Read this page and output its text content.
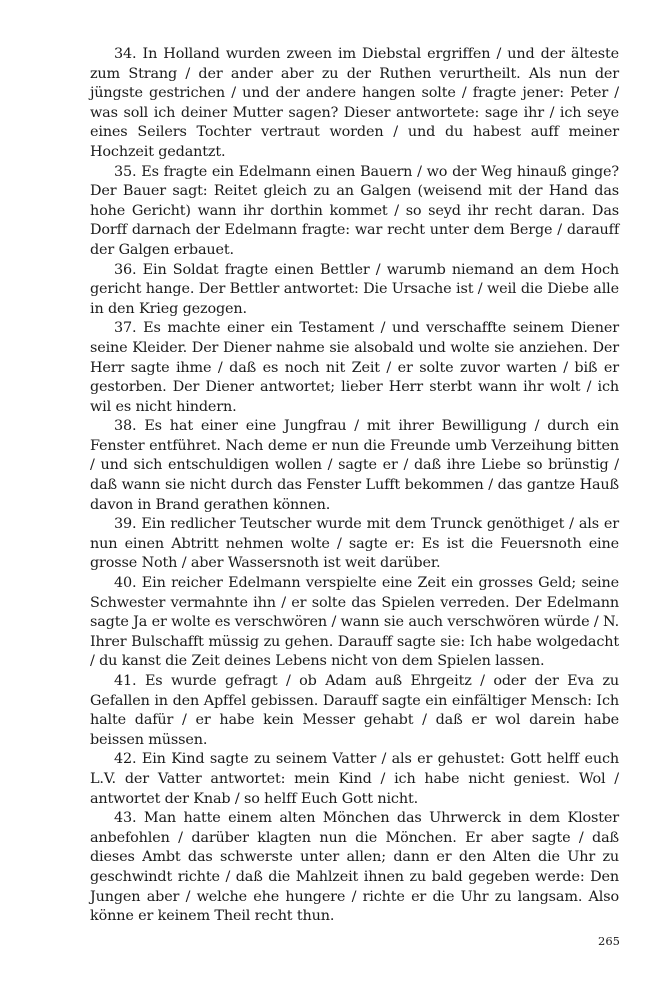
34. In Holland wurden zween im Diebstal ergriffen / und der älteste zum Strang / der ander aber zu der Ruthen verurtheilt. Als nun der jüngste gestrichen / und der andere hangen solte / fragte jener: Peter / was soll ich deiner Mutter sagen? Dieser antwortete: sage ihr / ich seye eines Seilers Tochter vertraut worden / und du habest auff meiner Hochzeit gedantzt.

35. Es fragte ein Edelmann einen Bauern / wo der Weg hinauß ginge? Der Bauer sagt: Reitet gleich zu an Galgen (weisend mit der Hand das hohe Gericht) wann ihr dorthin kommet / so seyd ihr recht daran. Das Dorff darnach der Edelmann fragte: war recht unter dem Berge / darauff der Galgen erbauet.

36. Ein Soldat fragte einen Bettler / warumb niemand an dem Hoch gericht hange. Der Bettler antwortet: Die Ursache ist / weil die Diebe alle in den Krieg gezogen.

37. Es machte einer ein Testament / und verschaffte seinem Diener seine Kleider. Der Diener nahme sie alsobald und wolte sie anziehen. Der Herr sagte ihme / daß es noch nit Zeit / er solte zuvor warten / biß er gestorben. Der Diener antwortet; lieber Herr sterbt wann ihr wolt / ich wil es nicht hindern.

38. Es hat einer eine Jungfrau / mit ihrer Bewilligung / durch ein Fenster entführet. Nach deme er nun die Freunde umb Verzeihung bitten / und sich entschuldigen wollen / sagte er / daß ihre Liebe so brünstig / daß wann sie nicht durch das Fenster Lufft bekommen / das gantze Hauß davon in Brand gerathen können.

39. Ein redlicher Teutscher wurde mit dem Trunck genöthiget / als er nun einen Abtritt nehmen wolte / sagte er: Es ist die Feuersnoth eine grosse Noth / aber Wassersnoth ist weit darüber.

40. Ein reicher Edelmann verspielte eine Zeit ein grosses Geld; seine Schwester vermahnte ihn / er solte das Spielen verreden. Der Edelmann sagte Ja er wolte es verschwören / wann sie auch verschwören würde / N. Ihrer Bulschafft müssig zu gehen. Darauff sagte sie: Ich habe wolgedacht / du kanst die Zeit deines Lebens nicht von dem Spielen lassen.

41. Es wurde gefragt / ob Adam auß Ehrgeitz / oder der Eva zu Gefallen in den Apffel gebissen. Darauff sagte ein einfältiger Mensch: Ich halte dafür / er habe kein Messer gehabt / daß er wol darein habe beissen müssen.

42. Ein Kind sagte zu seinem Vatter / als er gehustet: Gott helff euch L.V. der Vatter antwortet: mein Kind / ich habe nicht geniest. Wol / antwortet der Knab / so helff Euch Gott nicht.

43. Man hatte einem alten Mönchen das Uhrwerck in dem Kloster anbefohlen / darüber klagten nun die Mönchen. Er aber sagte / daß dieses Ambt das schwerste unter allen; dann er den Alten die Uhr zu geschwindt richte / daß die Mahlzeit ihnen zu bald gegeben werde: Den Jungen aber / welche ehe hungere / richte er die Uhr zu langsam. Also könne er keinem Theil recht thun.

265
